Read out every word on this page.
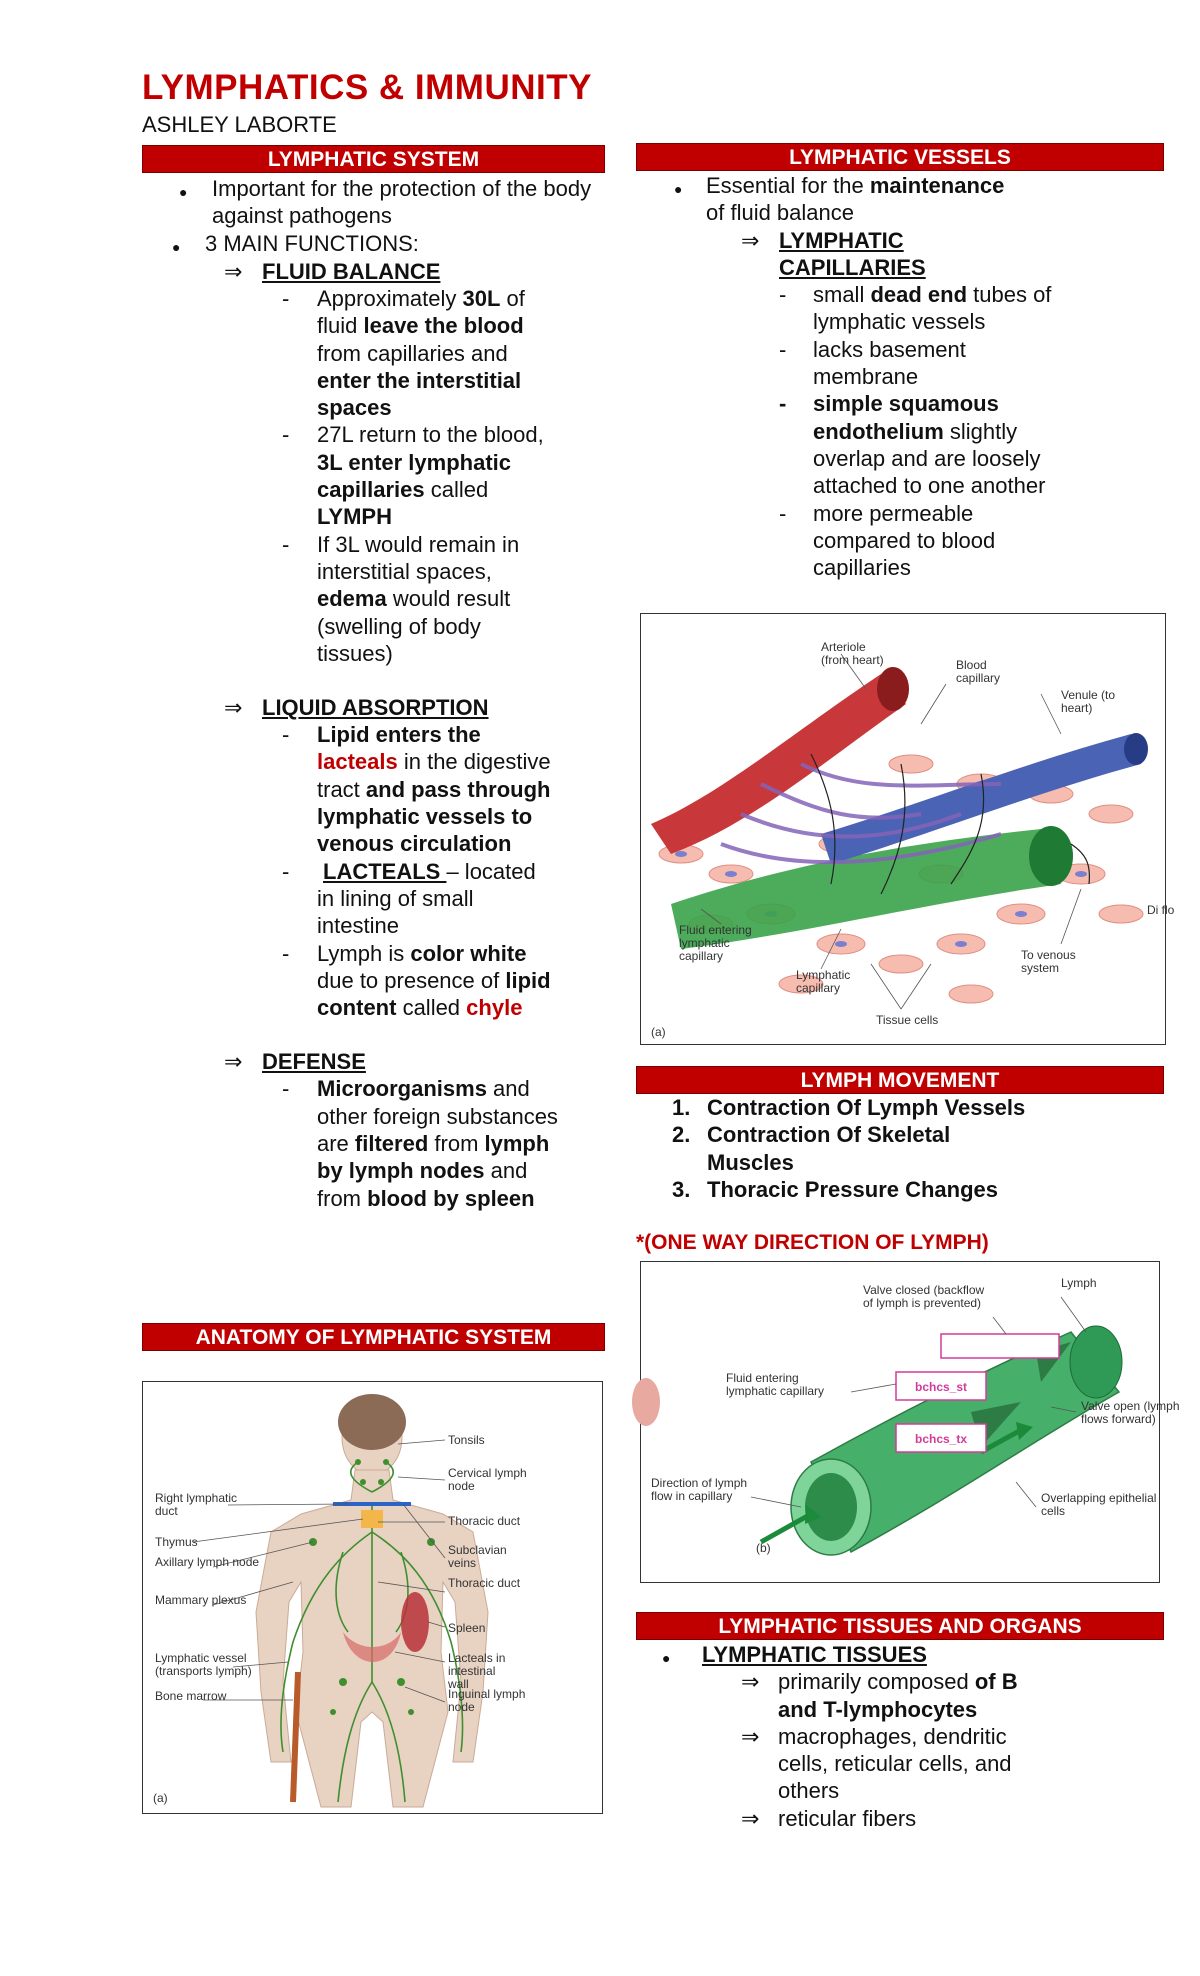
LYMPHATICS & IMMUNITY
ASHLEY LABORTE
LYMPHATIC SYSTEM
● Important for the protection of the body against pathogens
● 3 MAIN FUNCTIONS:
⇒ FLUID BALANCE
- Approximately 30L of fluid leave the blood from capillaries and enter the interstitial spaces
- 27L return to the blood, 3L enter lymphatic capillaries called LYMPH
- If 3L would remain in interstitial spaces, edema would result (swelling of body tissues)
⇒ LIQUID ABSORPTION
- Lipid enters the lacteals in the digestive tract and pass through lymphatic vessels to venous circulation
- LACTEALS – located in lining of small intestine
- Lymph is color white due to presence of lipid content called chyle
⇒ DEFENSE
- Microorganisms and other foreign substances are filtered from lymph by lymph nodes and from blood by spleen
ANATOMY OF LYMPHATIC SYSTEM
Tonsils
Cervical lymph node
Thoracic duct
Subclavian veins
Thoracic duct
Spleen
Lacteals in intestinal wall
Inguinal lymph node
Right lymphatic duct
Thymus
Axillary lymph node
Mammary plexus
Lymphatic vessel (transports lymph)
Bone marrow
(a)
LYMPHATIC VESSELS
● Essential for the maintenance of fluid balance
⇒ LYMPHATIC CAPILLARIES
- small dead end tubes of lymphatic vessels
- lacks basement membrane
- simple squamous endothelium slightly overlap and are loosely attached to one another
- more permeable compared to blood capillaries
Arteriole (from heart)	Blood capillary
Venule (to heart)
Fluid entering lymphatic capillary
Lymphatic capillary
Tissue cells
To venous system
Di flo
(a)
LYMPH MOVEMENT
1. Contraction Of Lymph Vessels
2. Contraction Of Skeletal Muscles
3. Thoracic Pressure Changes
*(ONE WAY DIRECTION OF LYMPH)
bchcs_st
bchcs_tx
Valve closed (backflow of lymph is prevented)
Lymph
Fluid entering lymphatic capillary
Valve open (lymph flows forward)
Direction of lymph flow in capillary	Overlapping epithelial cells
(b)
LYMPHATIC TISSUES AND ORGANS
● LYMPHATIC TISSUES
⇒ primarily composed of B and T-lymphocytes
⇒ macrophages, dendritic cells, reticular cells, and others
⇒ reticular fibers
